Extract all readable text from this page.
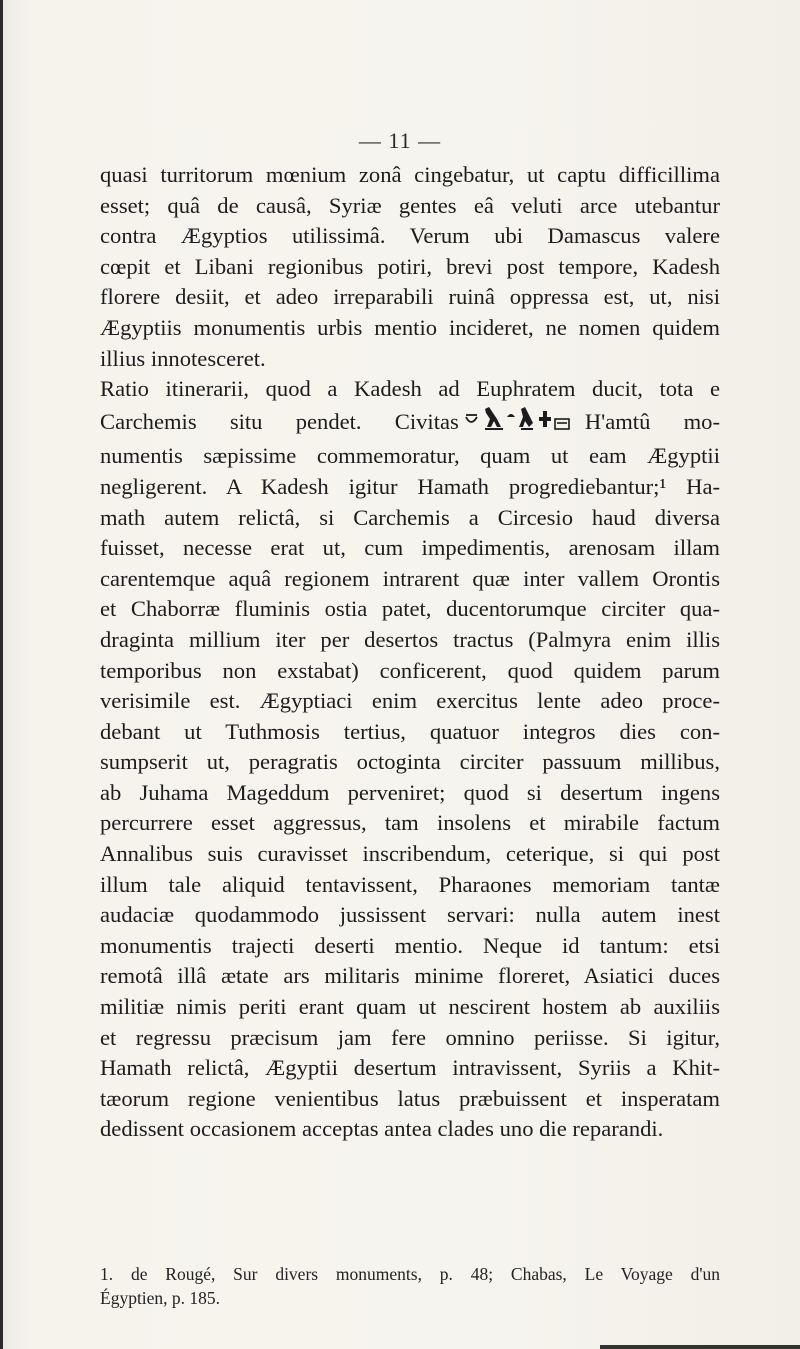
— 11 —

quasi turritorum mœnium zonâ cingebatur, ut captu difficillima
esset; quâ de causâ, Syriæ gentes eâ veluti arce utebantur
contra Ægyptios utilissimâ. Verum ubi Damascus valere
cœpit et Libani regionibus potiri, brevi post tempore, Kadesh
florere desiit, et adeo irreparabili ruinâ oppressa est, ut, nisi
Ægyptiis monumentis urbis mentio incideret, ne nomen quidem
illius innotesceret.

Ratio itinerarii, quod a Kadesh ad Euphratem ducit, tota e
Carchemis situ pendet. Civitas	H'amtû mo-
numentis sæpissime commemoratur, quam ut eam Ægyptii
negligerent. A Kadesh igitur Hamath progrediebantur;¹ Ha-
math autem relictâ, si Carchemis a Circesio haud diversa
fuisset, necesse erat ut, cum impedimentis, arenosam illam
carentemque aquâ regionem intrarent quæ inter vallem Orontis
et Chaborræ fluminis ostia patet, ducentorumque circiter qua-
draginta millium iter per desertos tractus (Palmyra enim illis
temporibus non exstabat) conficerent, quod quidem parum
verisimile est. Ægyptiaci enim exercitus lente adeo proce-
debant ut Tuthmosis tertius, quatuor integros dies con-
sumpserit ut, peragratis octoginta circiter passuum millibus,
ab Juhama Mageddum perveniret; quod si desertum ingens
percurrere esset aggressus, tam insolens et mirabile factum
Annalibus suis curavisset inscribendum, ceterique, si qui post
illum tale aliquid tentavissent, Pharaones memoriam tantæ
audaciæ quodammodo jussissent servari: nulla autem inest
monumentis trajecti deserti mentio. Neque id tantum: etsi
remotâ illâ ætate ars militaris minime floreret, Asiatici duces
militiæ nimis periti erant quam ut nescirent hostem ab auxiliis
et regressu præcisum jam fere omnino periisse. Si igitur,
Hamath relictâ, Ægyptii desertum intravissent, Syriis a Khit-
tæorum regione venientibus latus præbuissent et insperatam
dedissent occasionem acceptas antea clades uno die reparandi.

1. de Rougé, Sur divers monuments, p. 48; Chabas, Le Voyage d'un
Égyptien, p. 185.
